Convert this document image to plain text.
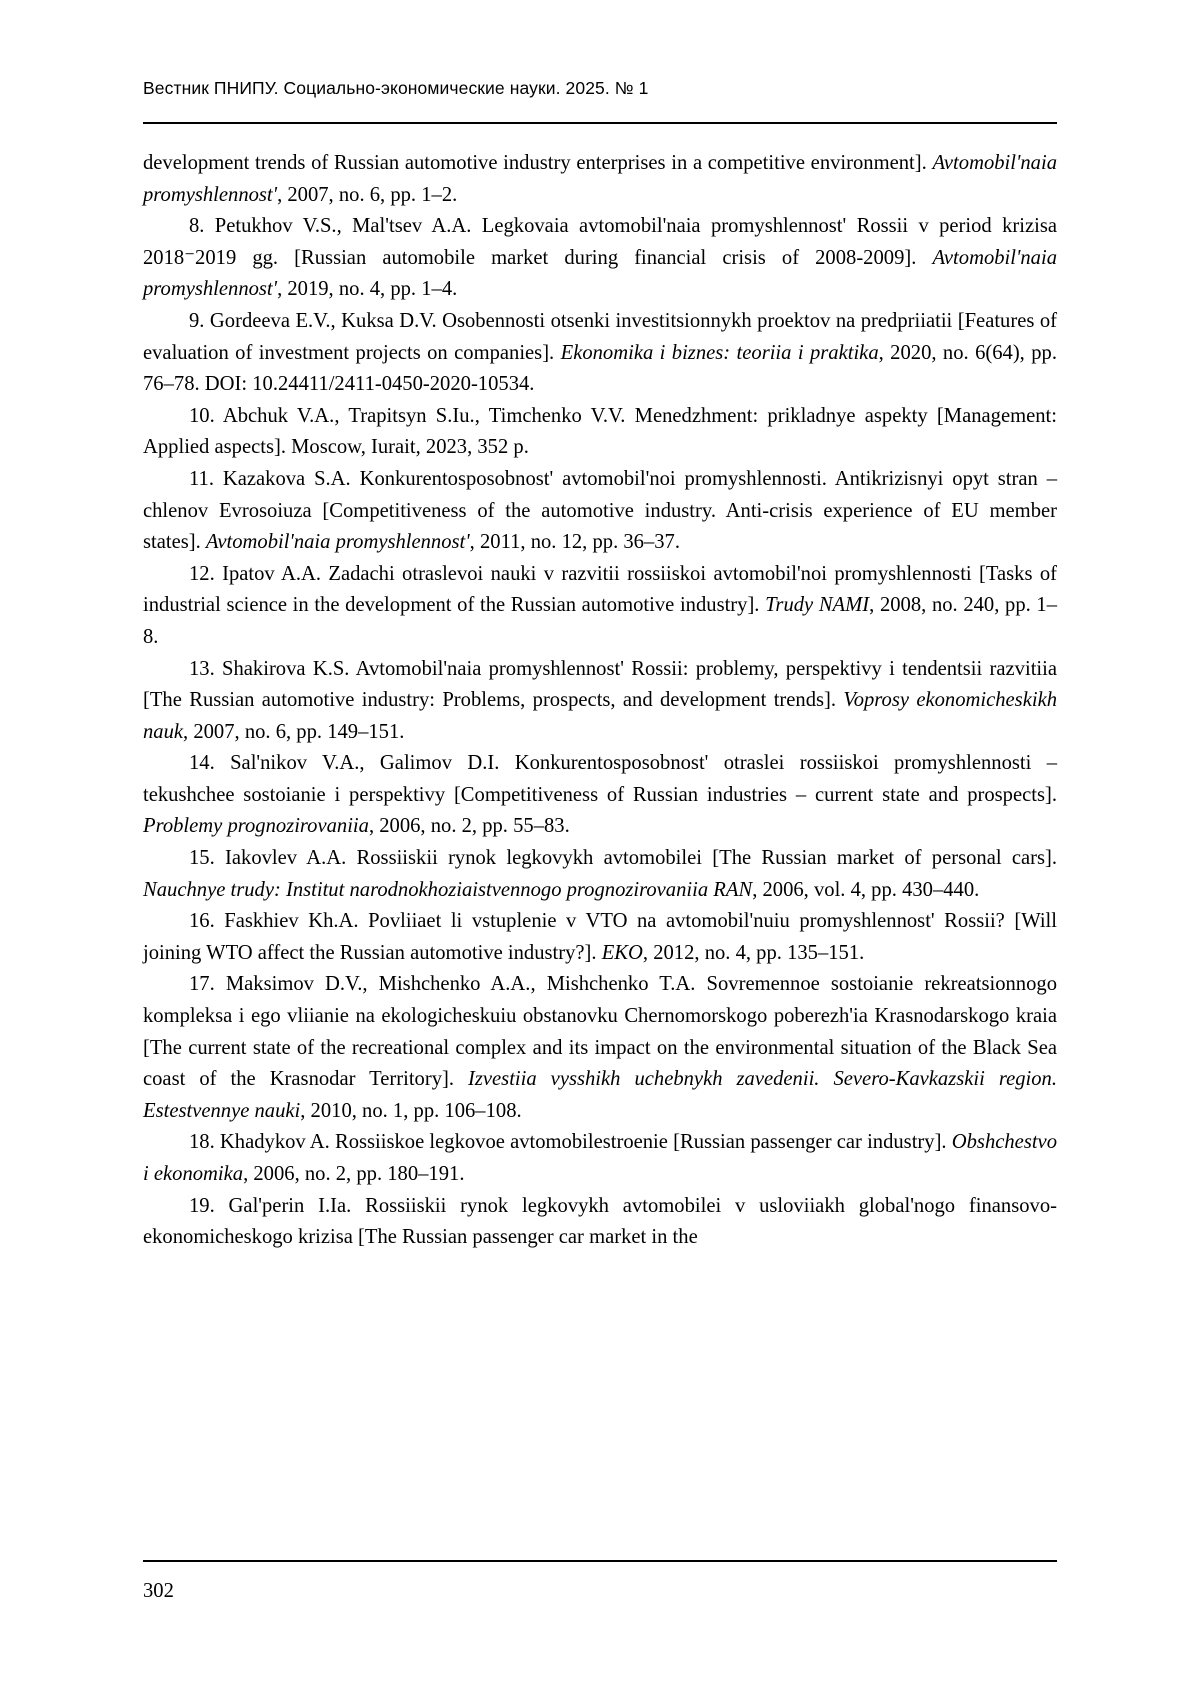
Вестник ПНИПУ. Социально-экономические науки. 2025. № 1

development trends of Russian automotive industry enterprises in a competitive environment]. Avtomobil'naia promyshlennost', 2007, no. 6, pp. 1–2.

8. Petukhov V.S., Mal'tsev A.A. Legkovaia avtomobil'naia promyshlennost' Rossii v period krizisa 2018⁻2019 gg. [Russian automobile market during financial crisis of 2008-2009]. Avtomobil'naia promyshlennost', 2019, no. 4, pp. 1–4.

9. Gordeeva E.V., Kuksa D.V. Osobennosti otsenki investitsionnykh proektov na predpriiatii [Features of evaluation of investment projects on companies]. Ekonomika i biznes: teoriia i praktika, 2020, no. 6(64), pp. 76–78. DOI: 10.24411/2411-0450-2020-10534.

10. Abchuk V.A., Trapitsyn S.Iu., Timchenko V.V. Menedzhment: prikladnye aspekty [Management: Applied aspects]. Moscow, Iurait, 2023, 352 p.

11. Kazakova S.A. Konkurentosposobnost' avtomobil'noi promyshlennosti. Antikrizisnyi opyt stran – chlenov Evrosoiuza [Competitiveness of the automotive industry. Anti-crisis experience of EU member states]. Avtomobil'naia promyshlennost', 2011, no. 12, pp. 36–37.

12. Ipatov A.A. Zadachi otraslevoi nauki v razvitii rossiiskoi avtomobil'noi promyshlennosti [Tasks of industrial science in the development of the Russian automotive industry]. Trudy NAMI, 2008, no. 240, pp. 1–8.

13. Shakirova K.S. Avtomobil'naia promyshlennost' Rossii: problemy, perspektivy i tendentsii razvitiia [The Russian automotive industry: Problems, prospects, and development trends]. Voprosy ekonomicheskikh nauk, 2007, no. 6, pp. 149–151.

14. Sal'nikov V.A., Galimov D.I. Konkurentosposobnost' otraslei rossiiskoi promyshlennosti – tekushchee sostoianie i perspektivy [Competitiveness of Russian industries – current state and prospects]. Problemy prognozirovaniia, 2006, no. 2, pp. 55–83.

15. Iakovlev A.A. Rossiiskii rynok legkovykh avtomobilei [The Russian market of personal cars]. Nauchnye trudy: Institut narodnokhoziaistvennogo prognozirovaniia RAN, 2006, vol. 4, pp. 430–440.

16. Faskhiev Kh.A. Povliiaet li vstuplenie v VTO na avtomobil'nuiu promyshlennost' Rossii? [Will joining WTO affect the Russian automotive industry?]. EKO, 2012, no. 4, pp. 135–151.

17. Maksimov D.V., Mishchenko A.A., Mishchenko T.A. Sovremennoe sostoianie rekreatsionnogo kompleksa i ego vliianie na ekologicheskuiu obstanovku Chernomorskogo poberezh'ia Krasnodarskogo kraia [The current state of the recreational complex and its impact on the environmental situation of the Black Sea coast of the Krasnodar Territory]. Izvestiia vysshikh uchebnykh zavedenii. Severo-Kavkazskii region. Estestvennye nauki, 2010, no. 1, pp. 106–108.

18. Khadykov A. Rossiiskoe legkovoe avtomobilestroenie [Russian passenger car industry]. Obshchestvo i ekonomika, 2006, no. 2, pp. 180–191.

19. Gal'perin I.Ia. Rossiiskii rynok legkovykh avtomobilei v usloviiakh global'nogo finansovo-ekonomicheskogo krizisa [The Russian passenger car market in the

302
